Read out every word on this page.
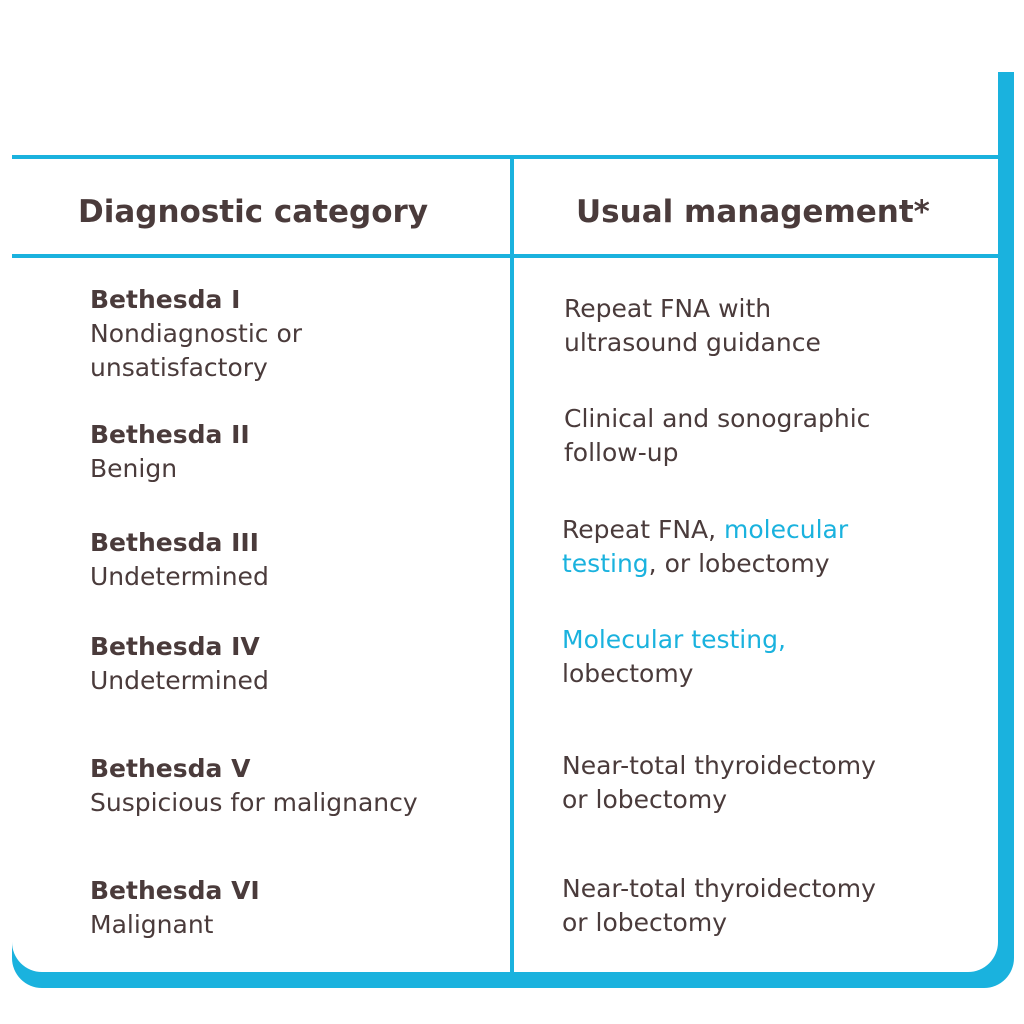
Diagnostic category	Usual management*
Bethesda I
Nondiagnostic or
unsatisfactory
Repeat FNA with
ultrasound guidance
Bethesda II
Benign
Clinical and sonographic
follow-up
Bethesda III
Undetermined
Repeat FNA, molecular
testing, or lobectomy
Bethesda IV
Undetermined
Molecular testing,
lobectomy
Bethesda V
Suspicious for malignancy
Near-total thyroidectomy
or lobectomy
Bethesda VI
Malignant
Near-total thyroidectomy
or lobectomy
